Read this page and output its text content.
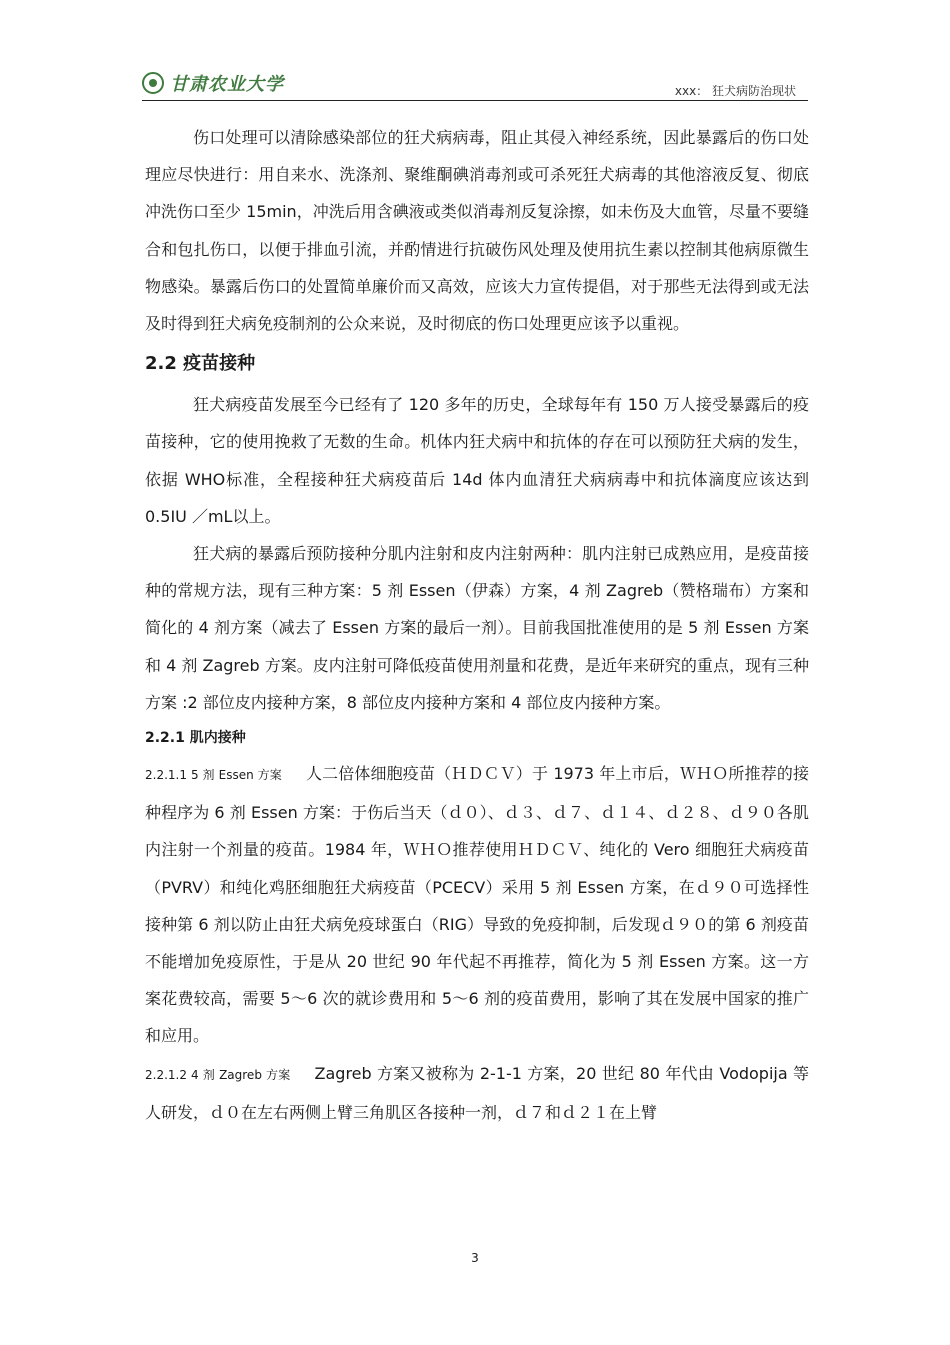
甘肃农业大学	xxx： 狂犬病防治现状

伤口处理可以清除感染部位的狂犬病病毒，阻止其侵入神经系统，因此暴露后的伤口处理应尽快进行：用自来水、洗涤剂、聚维酮碘消毒剂或可杀死狂犬病毒的其他溶液反复、彻底冲洗伤口至少 15min，冲洗后用含碘液或类似消毒剂反复涂擦，如未伤及大血管，尽量不要缝合和包扎伤口，以便于排血引流，并酌情进行抗破伤风处理及使用抗生素以控制其他病原微生物感染。暴露后伤口的处置简单廉价而又高效，应该大力宣传提倡，对于那些无法得到或无法及时得到狂犬病免疫制剂的公众来说，及时彻底的伤口处理更应该予以重视。

2.2 疫苗接种

狂犬病疫苗发展至今已经有了 120 多年的历史，全球每年有 150 万人接受暴露后的疫苗接种，它的使用挽救了无数的生命。机体内狂犬病中和抗体的存在可以预防狂犬病的发生，依据 WHO标准，全程接种狂犬病疫苗后 14d 体内血清狂犬病病毒中和抗体滴度应该达到 0.5IU ／mL以上。

狂犬病的暴露后预防接种分肌内注射和皮内注射两种：肌内注射已成熟应用，是疫苗接种的常规方法，现有三种方案：5 剂 Essen（伊森）方案，4 剂 Zagreb（赞格瑞布）方案和简化的 4 剂方案（减去了 Essen 方案的最后一剂）。目前我国批准使用的是 5 剂 Essen 方案和 4 剂 Zagreb 方案。皮内注射可降低疫苗使用剂量和花费，是近年来研究的重点，现有三种方案 :2 部位皮内接种方案，8 部位皮内接种方案和 4 部位皮内接种方案。

2.2.1 肌内接种

2.2.1.1 5 剂 Essen 方案 人二倍体细胞疫苗（ＨＤＣＶ）于 1973 年上市后，ＷＨＯ所推荐的接种程序为 6 剂 Essen 方案：于伤后当天（ｄ０）、ｄ３、ｄ７、ｄ１４、ｄ２８、ｄ９０各肌内注射一个剂量的疫苗。1984 年，ＷＨＯ推荐使用ＨＤＣＶ、纯化的 Vero 细胞狂犬病疫苗（PVRV）和纯化鸡胚细胞狂犬病疫苗（PCECV）采用 5 剂 Essen 方案，在ｄ９０可选择性接种第 6 剂以防止由狂犬病免疫球蛋白（RIG）导致的免疫抑制，后发现ｄ９０的第 6 剂疫苗不能增加免疫原性，于是从 20 世纪 90 年代起不再推荐，简化为 5 剂 Essen 方案。这一方案花费较高，需要 5～6 次的就诊费用和 5～6 剂的疫苗费用，影响了其在发展中国家的推广和应用。

2.2.1.2 4 剂 Zagreb 方案 Zagreb 方案又被称为 2-1-1 方案，20 世纪 80 年代由 Vodopija 等人研发，ｄ０在左右两侧上臂三角肌区各接种一剂，ｄ７和ｄ２１在上臂

3
